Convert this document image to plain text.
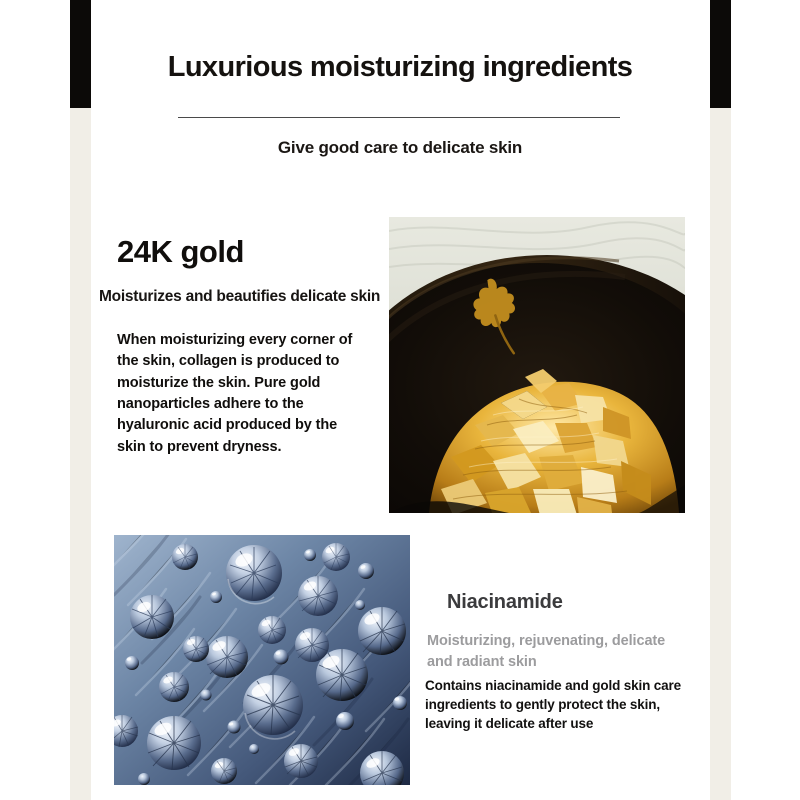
Luxurious moisturizing ingredients
Give good care to delicate skin
24K gold
Moisturizes and beautifies delicate skin
When moisturizing every corner of the skin, collagen is produced to moisturize the skin. Pure gold nanoparticles adhere to the hyaluronic acid produced by the skin to prevent dryness.
Niacinamide
Moisturizing, rejuvenating, delicate and radiant skin
Contains niacinamide and gold skin care ingredients to gently protect the skin, leaving it delicate after use
